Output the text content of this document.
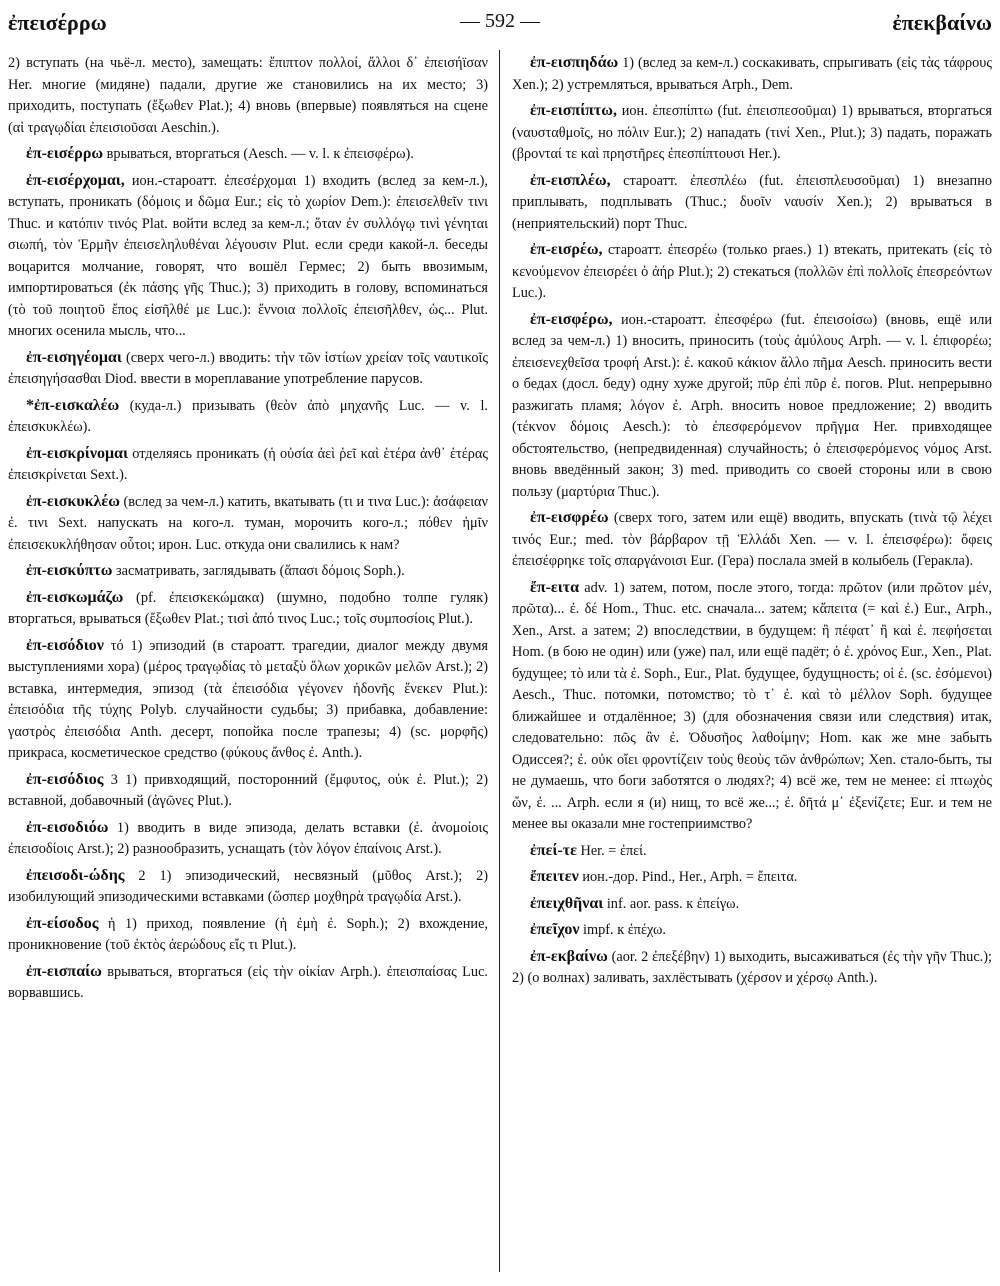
ἐπεισέρρω	— 592 —	ἐπεκβαίνω

2) вступать (на чьё-л. место), замещать: ἔπιπτον πολλοί, ἄλλοι δ᾽ ἐπεισήϊσαν Her. многие (мидяне) падали, другие же становились на их место; 3) приходить, поступать (ἔξωθεν Plat.); 4) вновь (впервые) появляться на сцене (αἱ τραγῳδίαι ἐπεισιοῦσαι Aeschin.).

ἐπ-εισέρρω врываться, вторгаться (Aesch. — v. l. к ἐπεισφέρω).

ἐπ-εισέρχομαι, ион.-староатт. ἐπεσέρχομαι 1) входить (вслед за кем-л.), вступать, проникать (δόμοις и δῶμα Eur.; εἰς τὸ χωρίον Dem.): ἐπεισελθεῖν τινι Thuc. и κατόπιν τινός Plat. войти вслед за кем-л.; ὅταν ἐν συλλόγῳ τινὶ γένηται σιωπή, τὸν Ἑρμῆν ἐπεισεληλυθέναι λέγουσιν Plut. если среди какой-л. беседы воцарится молчание, говорят, что вошёл Гермес; 2) быть ввозимым, импортироваться (ἐκ πάσης γῆς Thuc.); 3) приходить в голову, вспоминаться (τὸ τοῦ ποιητοῦ ἔπος εἰσῆλθέ με Luc.): ἔννοια πολλοῖς ἐπεισῆλθεν, ὡς... Plut. многих осенила мысль, что...

ἐπ-εισηγέομαι (сверх чего-л.) вводить: τὴν τῶν ἱστίων χρείαν τοῖς ναυτικοῖς ἐπεισηγήσασθαι Diod. ввести в мореплавание употребление парусов.

*ἐπ-εισκαλέω (куда-л.) призывать (θεὸν ἀπὸ μηχανῆς Luc. — v. l. ἐπεισκυκλέω).

ἐπ-εισκρίνομαι отделяясь проникать (ἡ οὐσία ἀεὶ ῥεῖ καὶ ἑτέρα ἀνθ᾽ ἑτέρας ἐπεισκρίνεται Sext.).

ἐπ-εισκυκλέω (вслед за чем-л.) катить, вкатывать (τι и τινα Luc.): ἀσάφειαν ἐ. τινι Sext. напускать на кого-л. туман, морочить кого-л.; πόθεν ἡμῖν ἐπεισεκυκλήθησαν οὗτοι; ирон. Luc. откуда они свалились к нам?

ἐπ-εισκύπτω засматривать, заглядывать (ἅπασι δόμοις Soph.).

ἐπ-εισκωμάζω (pf. ἐπεισκεκώμακα) (шумно, подобно толпе гуляк) вторгаться, врываться (ἔξωθεν Plat.; τισὶ ἀπό τινος Luc.; τοῖς συμποσίοις Plut.).

ἐπ-εισόδιον τό 1) эпизодий (в староатт. трагедии, диалог между двумя выступлениями хора) (μέρος τραγῳδίας τὸ μεταξὺ ὅλων χορικῶν μελῶν Arst.); 2) вставка, интермедия, эпизод (τὰ ἐπεισόδια γέγονεν ἡδονῆς ἕνεκεν Plut.): ἐπεισόδια τῆς τύχης Polyb. случайности судьбы; 3) прибавка, добавление: γαστρὸς ἐπεισόδια Anth. десерт, попойка после трапезы; 4) (sc. μορφῆς) прикраса, косметическое средство (φύκους ἄνθος ἐ. Anth.).

ἐπ-εισόδιος 3 1) привходящий, посторонний (ἔμφυτος, οὐκ ἐ. Plut.); 2) вставной, добавочный (ἀγῶνες Plut.).

ἐπ-εισοδιόω 1) вводить в виде эпизода, делать вставки (ἐ. ἀνομοίοις ἐπεισοδίοις Arst.); 2) разнообразить, уснащать (τὸν λόγον ἐπαίνοις Arst.).

ἐπεισοδι-ώδης 2 1) эпизодический, несвязный (μῦθος Arst.); 2) изобилующий эпизодическими вставками (ὥσπερ μοχθηρὰ τραγῳδία Arst.).

ἐπ-είσοδος ἡ 1) приход, появление (ἡ ἐμὴ ἐ. Soph.); 2) вхождение, проникновение (τοῦ ἐκτὸς ἀερώδους εἴς τι Plut.).

ἐπ-εισπαίω врываться, вторгаться (εἰς τὴν οἰκίαν Arph.). ἐπεισπαίσας Luc. ворвавшись.

ἐπ-εισπηδάω 1) (вслед за кем-л.) соскакивать, спрыгивать (εἰς τὰς τάφρους Xen.); 2) устремляться, врываться Arph., Dem.

ἐπ-εισπίπτω, ион. ἐπεσπίπτω (fut. ἐπεισπεσοῦμαι) 1) врываться, вторгаться (ναυσταθμοῖς, но πόλιν Eur.); 2) нападать (τινί Xen., Plut.); 3) падать, поражать (βρονταί τε καὶ πρηστῆρες ἐπεσπίπτουσι Her.).

ἐπ-εισπλέω, староатт. ἐπεσπλέω (fut. ἐπεισπλευσοῦμαι) 1) внезапно приплывать, подплывать (Thuc.; δυοῖν ναυσίν Xen.); 2) врываться в (неприятельский) порт Thuc.

ἐπ-εισρέω, староатт. ἐπεσρέω (только praes.) 1) втекать, притекать (εἰς τὸ κενούμενον ἐπεισρέει ὁ ἀήρ Plut.); 2) стекаться (πολλῶν ἐπὶ πολλοῖς ἐπεσρεόντων Luc.).

ἐπ-εισφέρω, ион.-староатт. ἐπεσφέρω (fut. ἐπεισοίσω) (вновь, ещё или вслед за чем-л.) 1) вносить, приносить (τοὺς ἀμύλους Arph. — v. l. ἐπιφορέω; ἐπεισενεχθεῖσα τροφή Arst.): ἐ. κακοῦ κάκιον ἄλλο πῆμα Aesch. приносить вести о бедах (досл. беду) одну хуже другой; πῦρ ἐπὶ πῦρ ἐ. погов. Plut. непрерывно разжигать пламя; λόγον ἐ. Arph. вносить новое предложение; 2) вводить (τέκνον δόμοις Aesch.): τὸ ἐπεσφερόμενον πρῆγμα Her. привходящее обстоятельство, (непредвиденная) случайность; ὁ ἐπεισφερόμενος νόμος Arst. вновь введённый закон; 3) med. приводить со своей стороны или в свою пользу (μαρτύρια Thuc.).

ἐπ-εισφρέω (сверх того, затем или ещё) вводить, впускать (τινὰ τῷ λέχει τινός Eur.; med. τὸν βάρβαρον τῇ Ἑλλάδι Xen. — v. l. ἐπεισφέρω): ὄφεις ἐπεισέφρηκε τοῖς σπαργάνοισι Eur. (Гера) послала змей в колыбель (Геракла).

ἔπ-ειτα adv. 1) затем, потом, после этого, тогда: πρῶτον (или πρῶτον μέν, πρῶτα)... ἐ. δέ Hom., Thuc. etc. сначала... затем; κἄπειτα (= καὶ ἐ.) Eur., Arph., Xen., Arst. а затем; 2) впоследствии, в будущем: ἢ πέφατ᾽ ἢ καὶ ἐ. πεφήσεται Hom. (в бою не один) или (уже) пал, или ещё падёт; ὁ ἐ. χρόνος Eur., Xen., Plat. будущее; τὸ или τὰ ἐ. Soph., Eur., Plat. будущее, будущность; οἱ ἐ. (sc. ἐσόμενοι) Aesch., Thuc. потомки, потомство; τὸ τ᾽ ἐ. καὶ τὸ μέλλον Soph. будущее ближайшее и отдалённое; 3) (для обозначения связи или следствия) итак, следовательно: πῶς ἂν ἐ. Ὀδυσῆος λαθοίμην; Hom. как же мне забыть Одиссея?; ἐ. οὐκ οἴει φροντίζειν τοὺς θεοὺς τῶν ἀνθρώπων; Xen. стало-быть, ты не думаешь, что боги заботятся о людях?; 4) всё же, тем не менее: εἰ πτωχὸς ὤν, ἐ. ... Arph. если я (и) нищ, то всё же...; ἐ. δῆτά μ᾽ ἐξενίζετε; Eur. и тем не менее вы оказали мне гостеприимство?

ἐπεί-τε Her. = ἐπεί.

ἔπειτεν ион.-дор. Pind., Her., Arph. = ἔπειτα.

ἐπειχθῆναι inf. aor. pass. к ἐπείγω.

ἐπεῖχον impf. к ἐπέχω.

ἐπ-εκβαίνω (aor. 2 ἐπεξέβην) 1) выходить, высаживаться (ἐς τὴν γῆν Thuc.); 2) (о волнах) заливать, захлёстывать (χέρσον и χέρσῳ Anth.).
